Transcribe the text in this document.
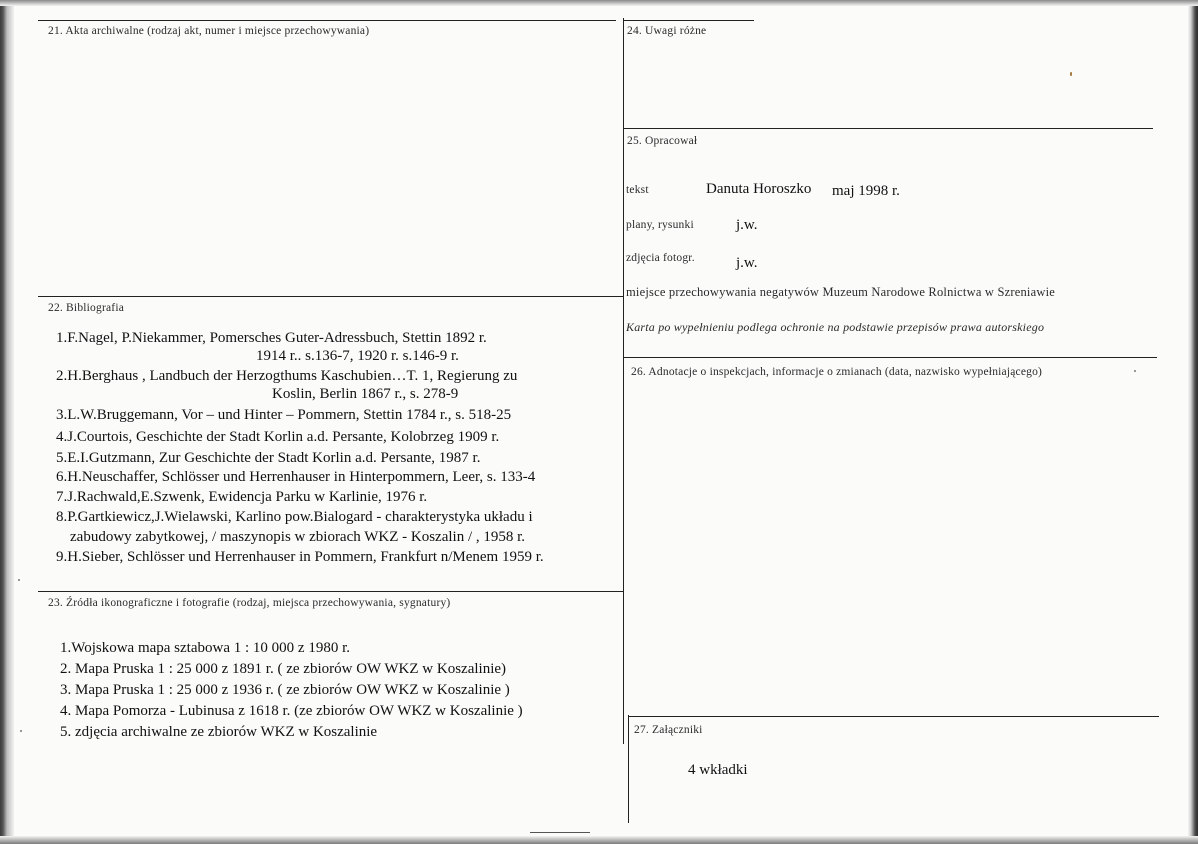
21. Akta archiwalne (rodzaj akt, numer i miejsce przechowywania)	24. Uwagi różne
25. Opracował
tekst	Danuta Horoszko maj 1998 r.
plany, rysunki	j.w.
zdjęcia fotogr.	j.w.
miejsce przechowywania negatywów Muzeum Narodowe Rolnictwa w Szreniawie
Karta po wypełnieniu podlega ochronie na podstawie przepisów prawa autorskiego
26. Adnotacje o inspekcjach, informacje o zmianach (data, nazwisko wypełniającego)
22. Bibliografia
1.F.Nagel, P.Niekammer, Pomersches Guter-Adressbuch, Stettin 1892 r.
1914 r.. s.136-7, 1920 r. s.146-9 r.
2.H.Berghaus , Landbuch der Herzogthums Kaschubien…T. 1, Regierung zu
Koslin, Berlin 1867 r., s. 278-9
3.L.W.Bruggemann, Vor – und Hinter – Pommern, Stettin 1784 r., s. 518-25
4.J.Courtois, Geschichte der Stadt Korlin a.d. Persante, Kolobrzeg 1909 r.
5.E.I.Gutzmann, Zur Geschichte der Stadt Korlin a.d. Persante, 1987 r.
6.H.Neuschaffer, Schlösser und Herrenhauser in Hinterpommern, Leer, s. 133-4
7.J.Rachwald,E.Szwenk, Ewidencja Parku w Karlinie, 1976 r.
8.P.Gartkiewicz,J.Wielawski, Karlino pow.Bialogard - charakterystyka układu i
zabudowy zabytkowej, / maszynopis w zbiorach WKZ - Koszalin / , 1958 r.
9.H.Sieber, Schlösser und Herrenhauser in Pommern, Frankfurt n/Menem 1959 r.
23. Źródła ikonograficzne i fotografie (rodzaj, miejsca przechowywania, sygnatury)
1.Wojskowa mapa sztabowa 1 : 10 000 z 1980 r.
2. Mapa Pruska 1 : 25 000 z 1891 r. ( ze zbiorów OW WKZ w Koszalinie)
3. Mapa Pruska 1 : 25 000 z 1936 r. ( ze zbiorów OW WKZ w Koszalinie )
4. Mapa Pomorza - Lubinusa z 1618 r. (ze zbiorów OW WKZ w Koszalinie )
5. zdjęcia archiwalne ze zbiorów WKZ w Koszalinie	27. Załączniki
4 wkładki
